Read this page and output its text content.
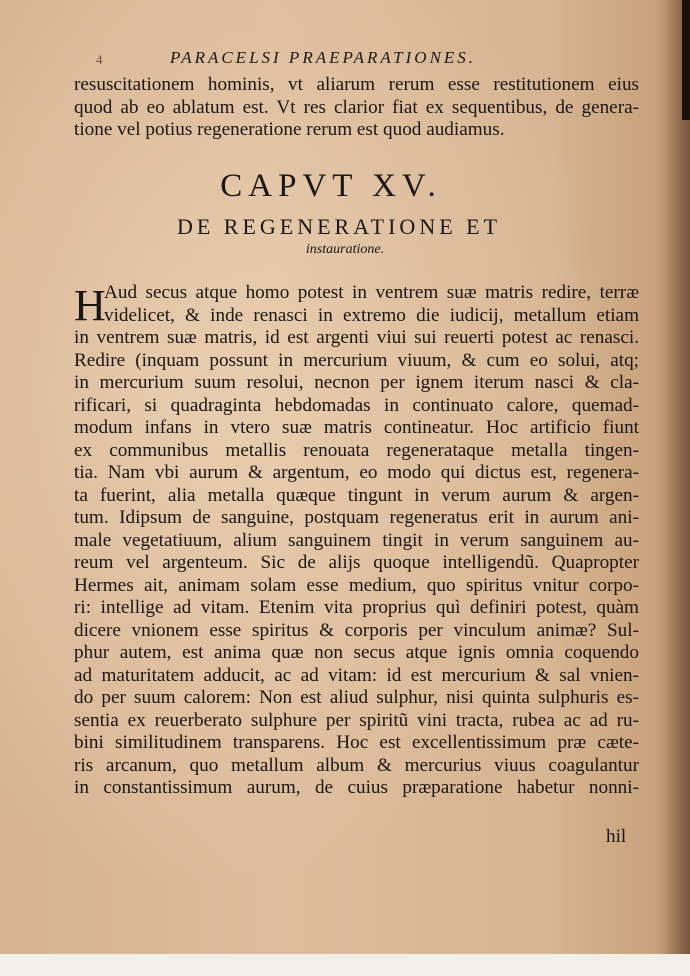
4	PARACELSI PRAEPARATIONES.
resuscitationem hominis, vt aliarum rerum esse restitutionem eius
quod ab eo ablatum est. Vt res clarior fiat ex sequentibus, de genera-
tione vel potius regeneratione rerum est quod audiamus.
CAPVT XV.
DE REGENERATIONE ET
instauratione.
H
Aud secus atque homo potest in ventrem suæ matris redire, terræ
videlicet, & inde renasci in extremo die iudicij, metallum etiam
in ventrem suæ matris, id est argenti viui sui reuerti potest ac renasci.
Redire (inquam possunt in mercurium viuum, & cum eo solui, atq;
in mercurium suum resolui, necnon per ignem iterum nasci & cla-
rificari, si quadraginta hebdomadas in continuato calore, quemad-
modum infans in vtero suæ matris contineatur. Hoc artificio fiunt
ex communibus metallis renouata regenerataque metalla tingen-
tia. Nam vbi aurum & argentum, eo modo qui dictus est, regenera-
ta fuerint, alia metalla quæque tingunt in verum aurum & argen-
tum. Idipsum de sanguine, postquam regeneratus erit in aurum ani-
male vegetatiuum, alium sanguinem tingit in verum sanguinem au-
reum vel argenteum. Sic de alijs quoque intelligendũ. Quapropter
Hermes ait, animam solam esse medium, quo spiritus vnitur corpo-
ri: intellige ad vitam. Etenim vita proprius quì definiri potest, quàm
dicere vnionem esse spiritus & corporis per vinculum animæ? Sul-
phur autem, est anima quæ non secus atque ignis omnia coquendo
ad maturitatem adducit, ac ad vitam: id est mercurium & sal vnien-
do per suum calorem: Non est aliud sulphur, nisi quinta sulphuris es-
sentia ex reuerberato sulphure per spiritũ vini tracta, rubea ac ad ru-
bini similitudinem transparens. Hoc est excellentissimum præ cæte-
ris arcanum, quo metallum album & mercurius viuus coagulantur
in constantissimum aurum, de cuius præparatione habetur nonni-
hil
